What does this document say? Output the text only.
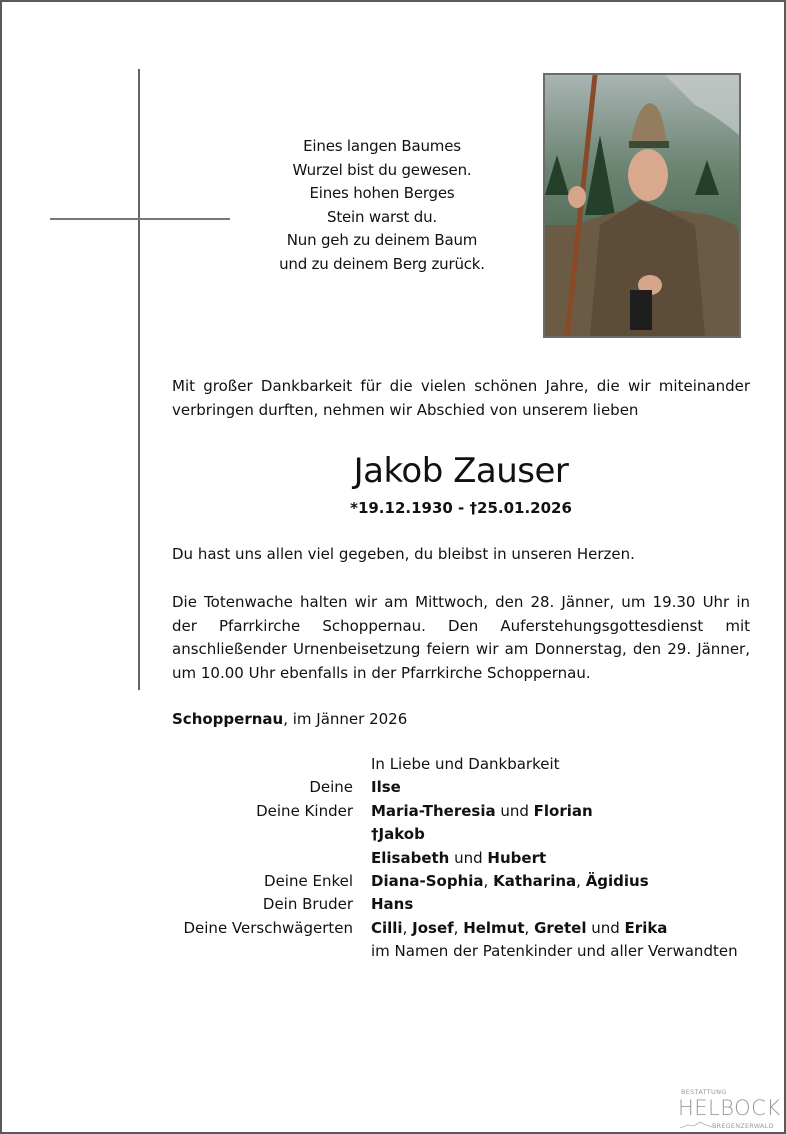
Eines langen Baumes
Wurzel bist du gewesen.
Eines hohen Berges
Stein warst du.
Nun geh zu deinem Baum
und zu deinem Berg zurück.
Mit großer Dankbarkeit für die vielen schönen Jahre, die wir miteinander verbringen durften, nehmen wir Abschied von unserem lieben
Jakob Zauser
*19.12.1930 - †25.01.2026
Du hast uns allen viel gegeben, du bleibst in unseren Herzen.
Die Totenwache halten wir am Mittwoch, den 28. Jänner, um 19.30 Uhr in der Pfarrkirche Schoppernau. Den Auferstehungsgottesdienst mit anschließender Urnenbeisetzung feiern wir am Donnerstag, den 29. Jänner, um 10.00 Uhr ebenfalls in der Pfarrkirche Schoppernau.
Schoppernau, im Jänner 2026
In Liebe und Dankbarkeit
Deine	Ilse
Deine Kinder	Maria-Theresia und Florian
†Jakob
Elisabeth und Hubert
Deine Enkel	Diana-Sophia, Katharina, Ägidius
Dein Bruder	Hans
Deine Verschwägerten	Cilli, Josef, Helmut, Gretel und Erika
im Namen der Patenkinder und aller Verwandten
BESTATTUNG
HELBOCK
BREGENZERWALD
